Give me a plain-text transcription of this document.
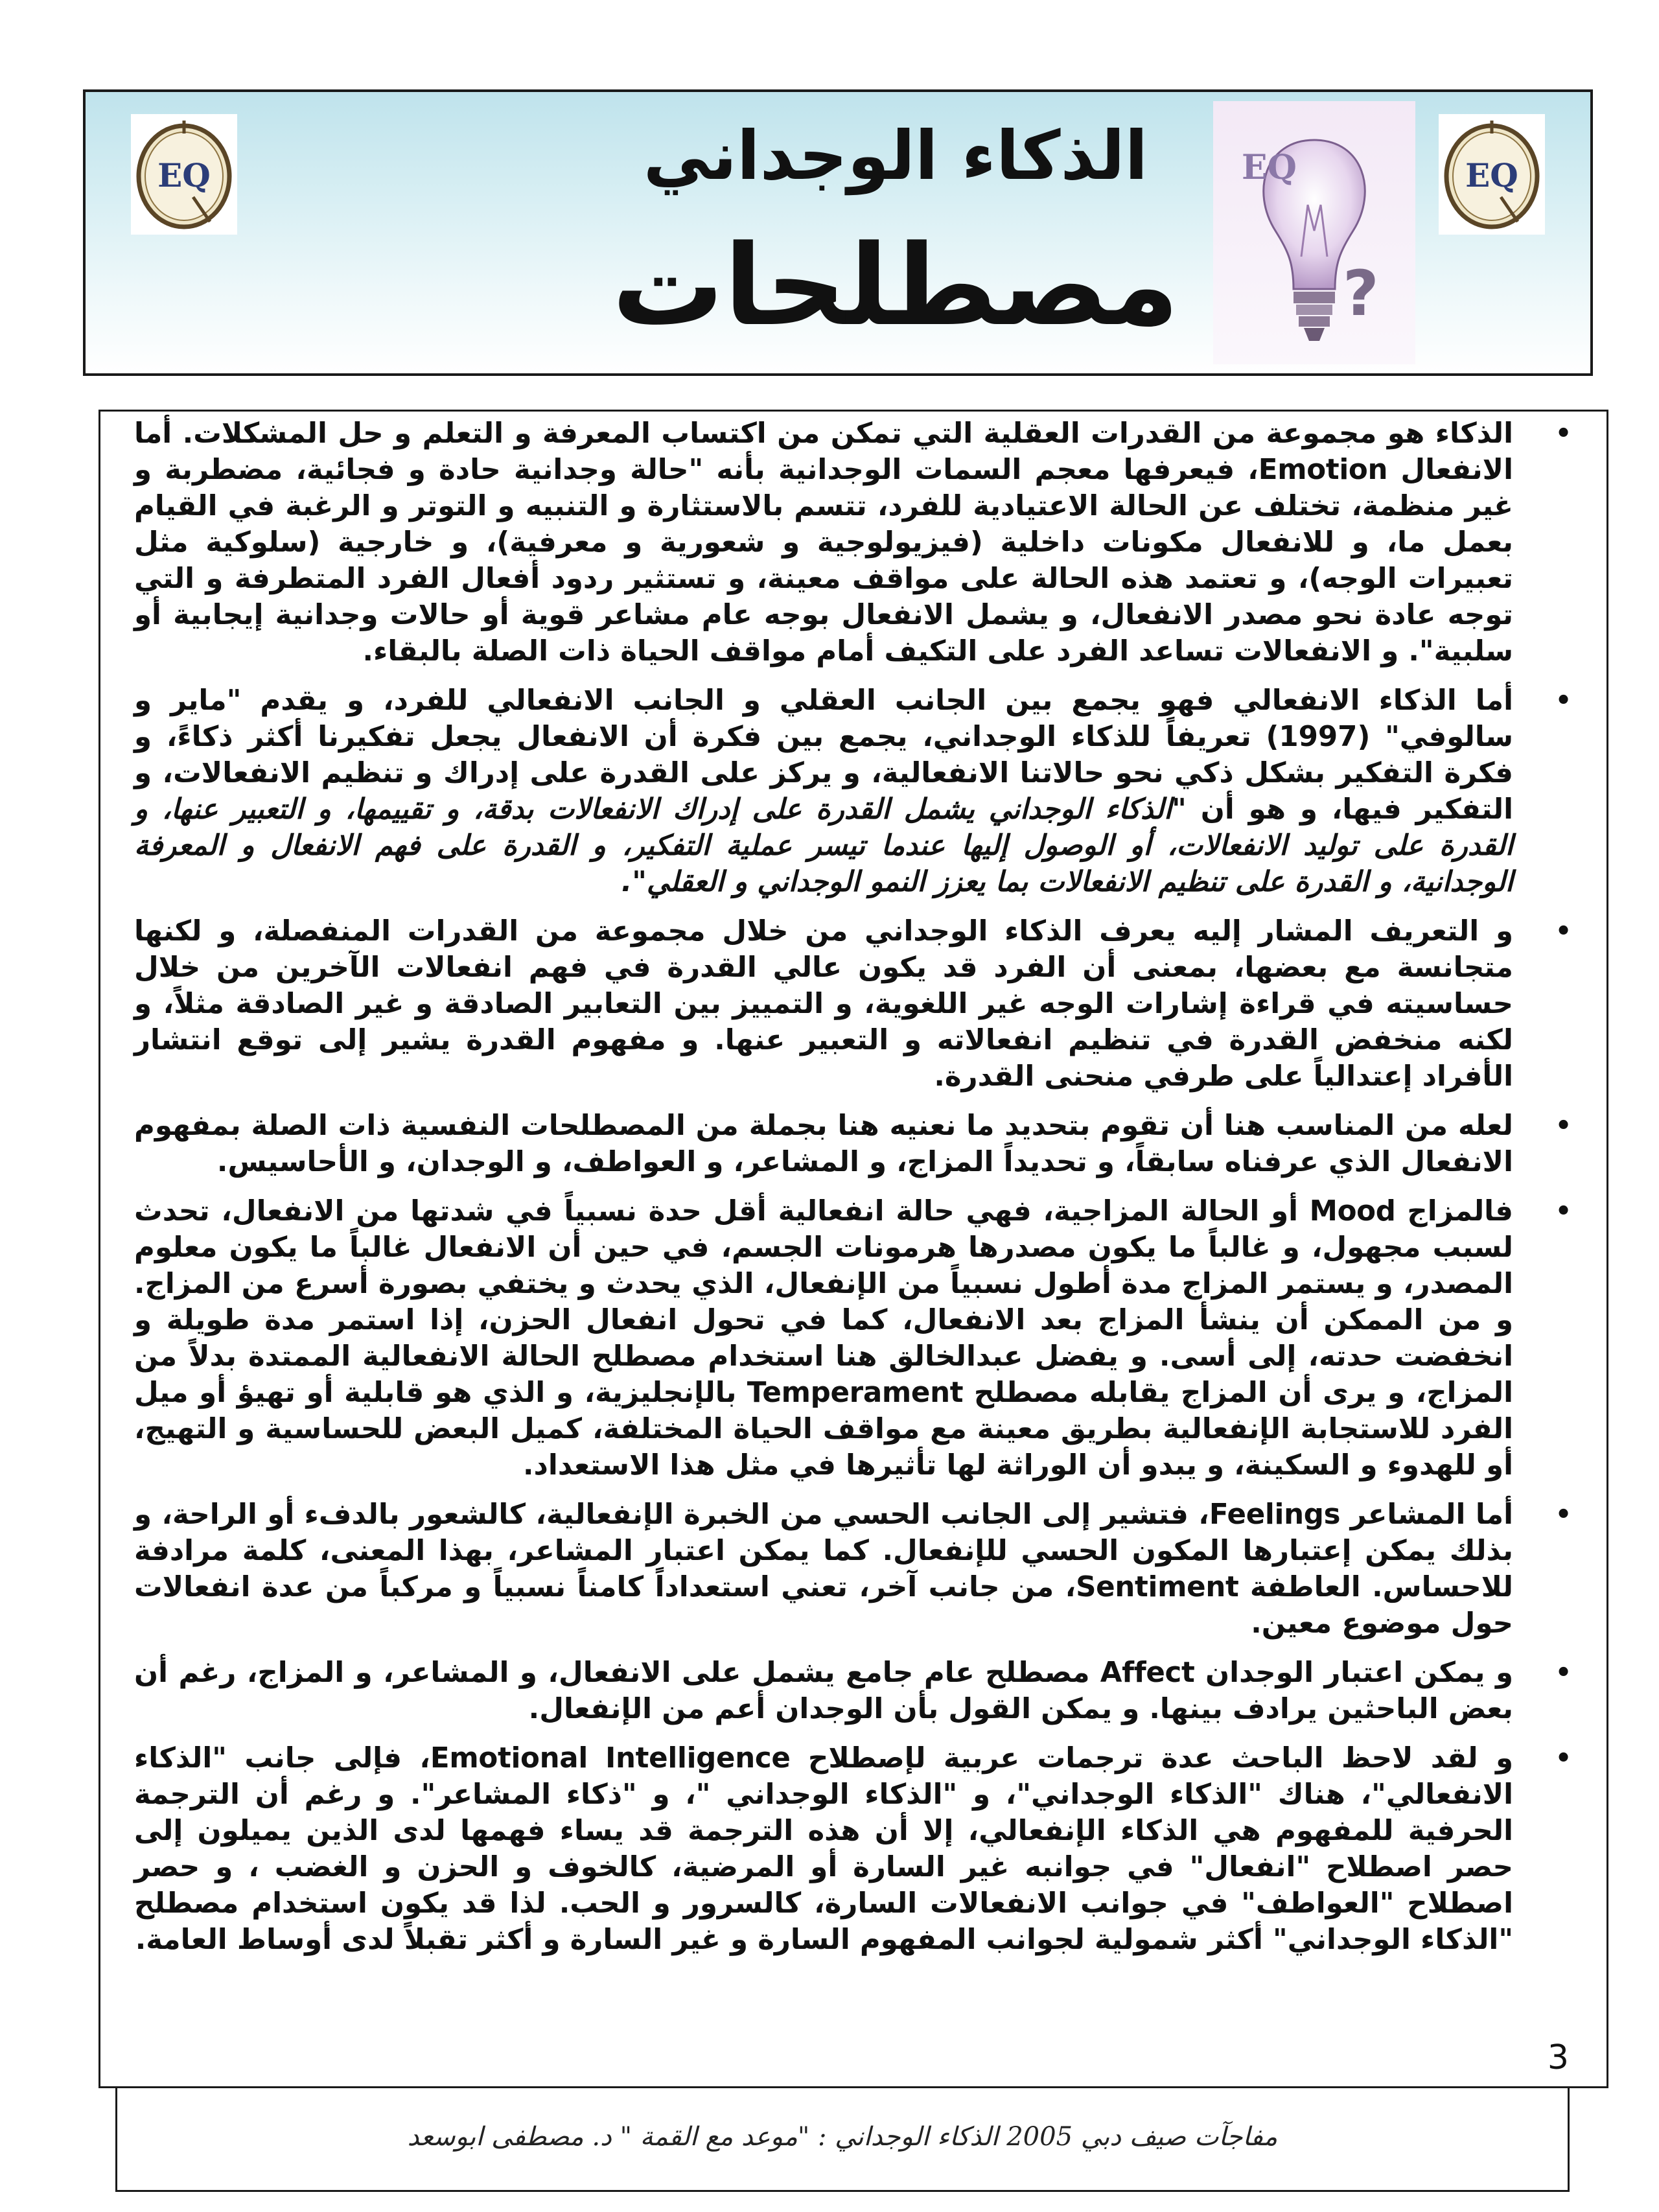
EQ	الذكاء الوجداني
مصطلحات
EQ
?
EQ
•
الذكاء هو مجموعة من القدرات العقلية التي تمكن من اكتساب المعرفة و التعلم و حل المشكلات. أما الانفعال Emotion، فيعرفها معجم السمات الوجدانية بأنه "حالة وجدانية حادة و فجائية، مضطربة و غير منظمة، تختلف عن الحالة الاعتيادية للفرد، تتسم بالاستثارة و التنبيه و التوتر و الرغبة في القيام بعمل ما، و للانفعال مكونات داخلية (فيزيولوجية و شعورية و معرفية)، و خارجية (سلوكية مثل تعبيرات الوجه)، و تعتمد هذه الحالة على مواقف معينة، و تستثير ردود أفعال الفرد المتطرفة و التي توجه عادة نحو مصدر الانفعال، و يشمل الانفعال بوجه عام مشاعر قوية أو حالات وجدانية إيجابية أو سلبية". و الانفعالات تساعد الفرد على التكيف أمام مواقف الحياة ذات الصلة بالبقاء.
•
أما الذكاء الانفعالي فهو يجمع بين الجانب العقلي و الجانب الانفعالي للفرد، و يقدم "ماير و سالوفي" (1997) تعريفاً للذكاء الوجداني، يجمع بين فكرة أن الانفعال يجعل تفكيرنا أكثر ذكاءً، و فكرة التفكير بشكل ذكي نحو حالاتنا الانفعالية، و يركز على القدرة على إدراك و تنظيم الانفعالات، و التفكير فيها، و هو أن "الذكاء الوجداني يشمل القدرة على إدراك الانفعالات بدقة، و تقييمها، و التعبير عنها، و القدرة على توليد الانفعالات، أو الوصول إليها عندما تيسر عملية التفكير، و القدرة على فهم الانفعال و المعرفة الوجدانية، و القدرة على تنظيم الانفعالات بما يعزز النمو الوجداني و العقلي".
•
و التعريف المشار إليه يعرف الذكاء الوجداني من خلال مجموعة من القدرات المنفصلة، و لكنها متجانسة مع بعضها، بمعنى أن الفرد قد يكون عالي القدرة في فهم انفعالات الآخرين من خلال حساسيته في قراءة إشارات الوجه غير اللغوية، و التمييز بين التعابير الصادقة و غير الصادقة مثلاً، و لكنه منخفض القدرة في تنظيم انفعالاته و التعبير عنها. و مفهوم القدرة يشير إلى توقع انتشار الأفراد إعتدالياً على طرفي منحنى القدرة.
•
لعله من المناسب هنا أن تقوم بتحديد ما نعنيه هنا بجملة من المصطلحات النفسية ذات الصلة بمفهوم الانفعال الذي عرفناه سابقاً، و تحديداً المزاج، و المشاعر، و العواطف، و الوجدان، و الأحاسيس.
•
فالمزاج Mood أو الحالة المزاجية، فهي حالة انفعالية أقل حدة نسبياً في شدتها من الانفعال، تحدث لسبب مجهول، و غالباً ما يكون مصدرها هرمونات الجسم، في حين أن الانفعال غالباً ما يكون معلوم المصدر، و يستمر المزاج مدة أطول نسبياً من الإنفعال، الذي يحدث و يختفي بصورة أسرع من المزاج. و من الممكن أن ينشأ المزاج بعد الانفعال، كما في تحول انفعال الحزن، إذا استمر مدة طويلة و انخفضت حدته، إلى أسى. و يفضل عبدالخالق هنا استخدام مصطلح الحالة الانفعالية الممتدة بدلاً من المزاج، و يرى أن المزاج يقابله مصطلح Temperament بالإنجليزية، و الذي هو قابلية أو تهيؤ أو ميل الفرد للاستجابة الإنفعالية بطريق معينة مع مواقف الحياة المختلفة، كميل البعض للحساسية و التهيج، أو للهدوء و السكينة، و يبدو أن الوراثة لها تأثيرها في مثل هذا الاستعداد.
•
أما المشاعر Feelings، فتشير إلى الجانب الحسي من الخبرة الإنفعالية، كالشعور بالدفء أو الراحة، و بذلك يمكن إعتبارها المكون الحسي للإنفعال. كما يمكن اعتبار المشاعر، بهذا المعنى، كلمة مرادفة للاحساس. العاطفة Sentiment، من جانب آخر، تعني استعداداً كامناً نسبياً و مركباً من عدة انفعالات حول موضوع معين.
•
و يمكن اعتبار الوجدان Affect مصطلح عام جامع يشمل على الانفعال، و المشاعر، و المزاج، رغم أن بعض الباحثين يرادف بينها. و يمكن القول بأن الوجدان أعم من الإنفعال.
•
و لقد لاحظ الباحث عدة ترجمات عربية لإصطلاح Emotional Intelligence، فإلى جانب "الذكاء الانفعالي"، هناك "الذكاء الوجداني"، و "الذكاء الوجداني "، و "ذكاء المشاعر". و رغم أن الترجمة الحرفية للمفهوم هي الذكاء الإنفعالي، إلا أن هذه الترجمة قد يساء فهمها لدى الذين يميلون إلى حصر اصطلاح "انفعال" في جوانبه غير السارة أو المرضية، كالخوف و الحزن و الغضب ، و حصر اصطلاح "العواطف" في جوانب الانفعالات السارة، كالسرور و الحب. لذا قد يكون استخدام مصطلح "الذكاء الوجداني" أكثر شمولية لجوانب المفهوم السارة و غير السارة و أكثر تقبلاً لدى أوساط العامة.
3
مفاجآت صيف دبي 2005 الذكاء الوجداني : "موعد مع القمة " د. مصطفى ابوسعد
